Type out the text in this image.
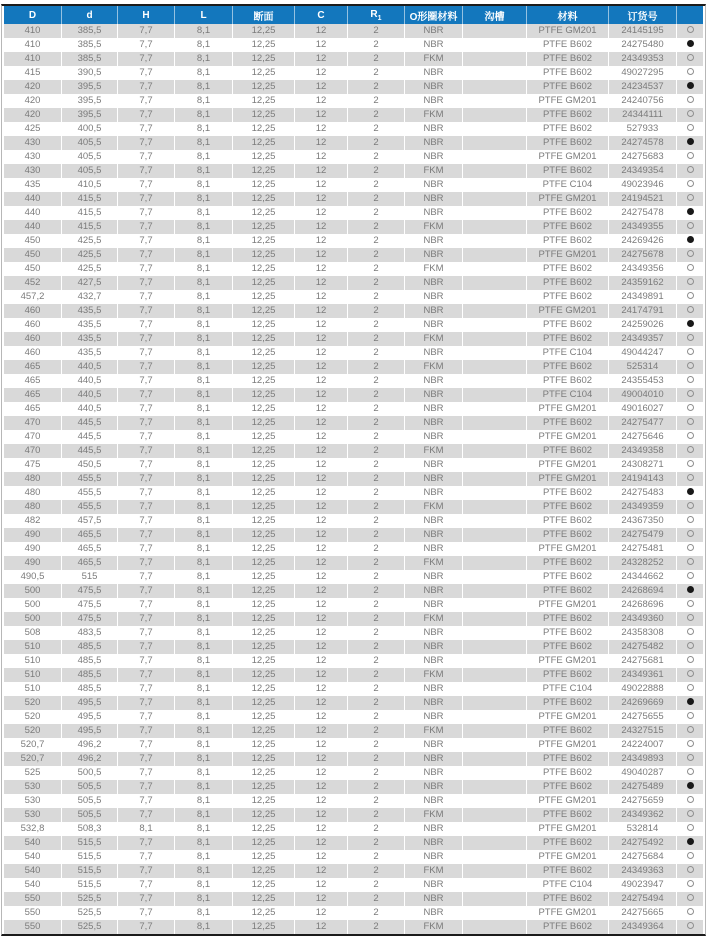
D	d	H	L	断面	C	$R_1$	O形圈材料	沟槽	材料	订货号	
410	385,5	7,7	8,1	12,25	12	2	NBR		PTFE GM201	24145195	
410	385,5	7,7	8,1	12,25	12	2	NBR		PTFE B602	24275480	
410	385,5	7,7	8,1	12,25	12	2	FKM		PTFE B602	24349353	
415	390,5	7,7	8,1	12,25	12	2	NBR		PTFE B602	49027295	
420	395,5	7,7	8,1	12,25	12	2	NBR		PTFE B602	24234537	
420	395,5	7,7	8,1	12,25	12	2	NBR		PTFE GM201	24240756	
420	395,5	7,7	8,1	12,25	12	2	FKM		PTFE B602	24344111	
425	400,5	7,7	8,1	12,25	12	2	NBR		PTFE B602	527933	
430	405,5	7,7	8,1	12,25	12	2	NBR		PTFE B602	24274578	
430	405,5	7,7	8,1	12,25	12	2	NBR		PTFE GM201	24275683	
430	405,5	7,7	8,1	12,25	12	2	FKM		PTFE B602	24349354	
435	410,5	7,7	8,1	12,25	12	2	NBR		PTFE C104	49023946	
440	415,5	7,7	8,1	12,25	12	2	NBR		PTFE GM201	24194521	
440	415,5	7,7	8,1	12,25	12	2	NBR		PTFE B602	24275478	
440	415,5	7,7	8,1	12,25	12	2	FKM		PTFE B602	24349355	
450	425,5	7,7	8,1	12,25	12	2	NBR		PTFE B602	24269426	
450	425,5	7,7	8,1	12,25	12	2	NBR		PTFE GM201	24275678	
450	425,5	7,7	8,1	12,25	12	2	FKM		PTFE B602	24349356	
452	427,5	7,7	8,1	12,25	12	2	NBR		PTFE B602	24359162	
457,2	432,7	7,7	8,1	12,25	12	2	NBR		PTFE B602	24349891	
460	435,5	7,7	8,1	12,25	12	2	NBR		PTFE GM201	24174791	
460	435,5	7,7	8,1	12,25	12	2	NBR		PTFE B602	24259026	
460	435,5	7,7	8,1	12,25	12	2	FKM		PTFE B602	24349357	
460	435,5	7,7	8,1	12,25	12	2	NBR		PTFE C104	49044247	
465	440,5	7,7	8,1	12,25	12	2	FKM		PTFE B602	525314	
465	440,5	7,7	8,1	12,25	12	2	NBR		PTFE B602	24355453	
465	440,5	7,7	8,1	12,25	12	2	NBR		PTFE C104	49004010	
465	440,5	7,7	8,1	12,25	12	2	NBR		PTFE GM201	49016027	
470	445,5	7,7	8,1	12,25	12	2	NBR		PTFE B602	24275477	
470	445,5	7,7	8,1	12,25	12	2	NBR		PTFE GM201	24275646	
470	445,5	7,7	8,1	12,25	12	2	FKM		PTFE B602	24349358	
475	450,5	7,7	8,1	12,25	12	2	NBR		PTFE GM201	24308271	
480	455,5	7,7	8,1	12,25	12	2	NBR		PTFE GM201	24194143	
480	455,5	7,7	8,1	12,25	12	2	NBR		PTFE B602	24275483	
480	455,5	7,7	8,1	12,25	12	2	FKM		PTFE B602	24349359	
482	457,5	7,7	8,1	12,25	12	2	NBR		PTFE B602	24367350	
490	465,5	7,7	8,1	12,25	12	2	NBR		PTFE B602	24275479	
490	465,5	7,7	8,1	12,25	12	2	NBR		PTFE GM201	24275481	
490	465,5	7,7	8,1	12,25	12	2	FKM		PTFE B602	24328252	
490,5	515	7,7	8,1	12,25	12	2	NBR		PTFE B602	24344662	
500	475,5	7,7	8,1	12,25	12	2	NBR		PTFE B602	24268694	
500	475,5	7,7	8,1	12,25	12	2	NBR		PTFE GM201	24268696	
500	475,5	7,7	8,1	12,25	12	2	FKM		PTFE B602	24349360	
508	483,5	7,7	8,1	12,25	12	2	NBR		PTFE B602	24358308	
510	485,5	7,7	8,1	12,25	12	2	NBR		PTFE B602	24275482	
510	485,5	7,7	8,1	12,25	12	2	NBR		PTFE GM201	24275681	
510	485,5	7,7	8,1	12,25	12	2	FKM		PTFE B602	24349361	
510	485,5	7,7	8,1	12,25	12	2	NBR		PTFE C104	49022888	
520	495,5	7,7	8,1	12,25	12	2	NBR		PTFE B602	24269669	
520	495,5	7,7	8,1	12,25	12	2	NBR		PTFE GM201	24275655	
520	495,5	7,7	8,1	12,25	12	2	FKM		PTFE B602	24327515	
520,7	496,2	7,7	8,1	12,25	12	2	NBR		PTFE GM201	24224007	
520,7	496,2	7,7	8,1	12,25	12	2	NBR		PTFE B602	24349893	
525	500,5	7,7	8,1	12,25	12	2	NBR		PTFE B602	49040287	
530	505,5	7,7	8,1	12,25	12	2	NBR		PTFE B602	24275489	
530	505,5	7,7	8,1	12,25	12	2	NBR		PTFE GM201	24275659	
530	505,5	7,7	8,1	12,25	12	2	FKM		PTFE B602	24349362	
532,8	508,3	8,1	8,1	12,25	12	2	NBR		PTFE GM201	532814	
540	515,5	7,7	8,1	12,25	12	2	NBR		PTFE B602	24275492	
540	515,5	7,7	8,1	12,25	12	2	NBR		PTFE GM201	24275684	
540	515,5	7,7	8,1	12,25	12	2	FKM		PTFE B602	24349363	
540	515,5	7,7	8,1	12,25	12	2	NBR		PTFE C104	49023947	
550	525,5	7,7	8,1	12,25	12	2	NBR		PTFE B602	24275494	
550	525,5	7,7	8,1	12,25	12	2	NBR		PTFE GM201	24275665	
550	525,5	7,7	8,1	12,25	12	2	FKM		PTFE B602	24349364	
